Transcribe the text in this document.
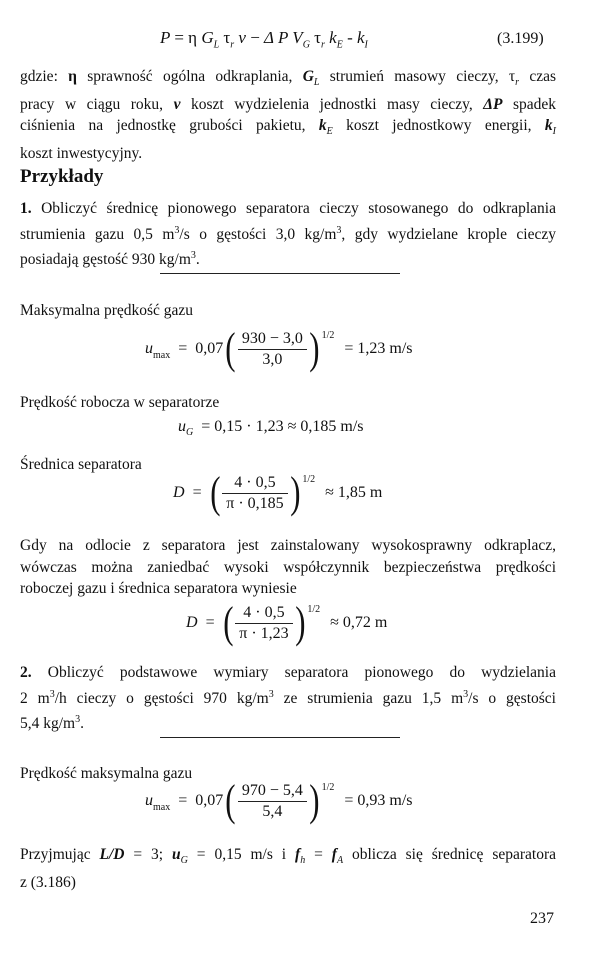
P = η $G_L$ $\tau_r$ v − Δ P $V_G$ $\tau_r$ $k_E - k_I$	(3.199)
gdzie: η sprawność ogólna odkraplania, $G_L$ strumień masowy cieczy, $\tau_r$ czas
pracy w ciągu roku, v koszt wydzielenia jednostki masy cieczy, ΔP spadek
ciśnienia na jednostkę grubości pakietu, $k_E$ koszt jednostkowy energii, $k_I$
koszt inwestycyjny.
Przykłady
1. Obliczyć średnicę pionowego separatora cieczy stosowanego do odkraplania
strumienia gazu 0,5 $m^3/s$ o gęstości 3,0 $kg/m^3$, gdy wydzielane krople cieczy
posiadają gęstość 930 $kg/m^3$.
Maksymalna prędkość gazu
$u_{max} = 0,07$ ( $\frac{930 - 3,0}{3,0} )^{1/2}$
= 1,23 m/s
Prędkość robocza w separatorze
$u_G = 0,15 \cdot 1,23 \approx 0,185$ m/s
Średnica separatora
D = ( $\frac{4 \cdot 0,5}{\pi \cdot 0,185} )^{1/2}$
≈ 1,85 m
Gdy na odlocie z separatora jest zainstalowany wysokosprawny odkraplacz,
wówczas można zaniedbać wysoki współczynnik bezpieczeństwa prędkości
roboczej gazu i średnica separatora wyniesie
D = ( $\frac{4 \cdot 0,5}{\pi \cdot 1,23} )^{1/2}$
≈ 0,72 m
2. Obliczyć podstawowe wymiary separatora pionowego do wydzielania
2 $m^3/h$ cieczy o gęstości 970 $kg/m^3$ ze strumienia gazu 1,5 $m^3/s$ o gęstości
5,4 $kg/m^3$.
Prędkość maksymalna gazu
$u_{max} = 0,07$ ( $\frac{970 - 5,4}{5,4} )^{1/2}$
= 0,93 m/s
Przyjmując L/D = 3; $u_G = 0,15$ m/s i $f_h = f_A$ oblicza się średnicę separatora
z (3.186)
237
